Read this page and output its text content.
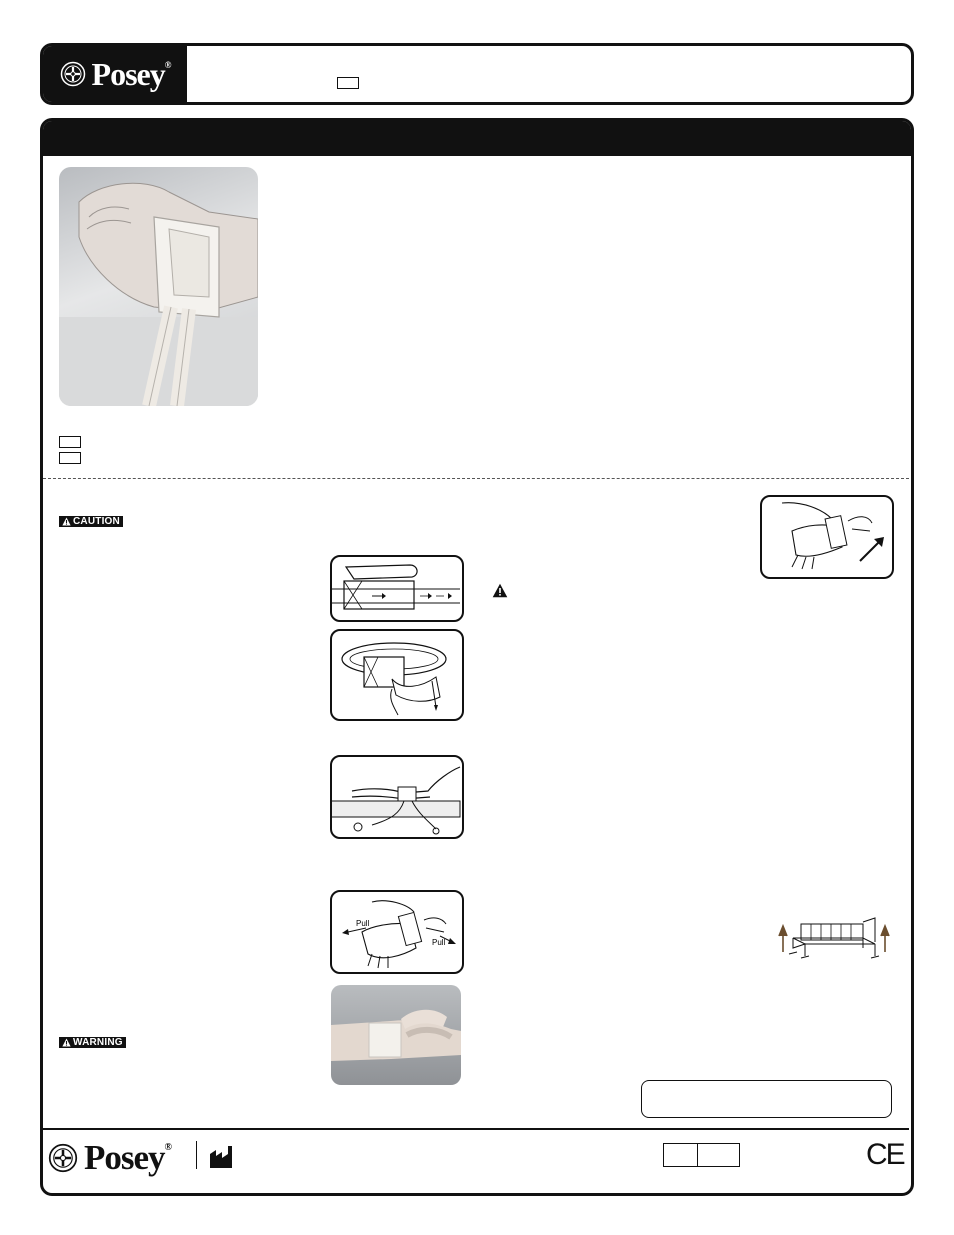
Posey®
CAUTION
WARNING
Pull
Pull
Posey®	CE
